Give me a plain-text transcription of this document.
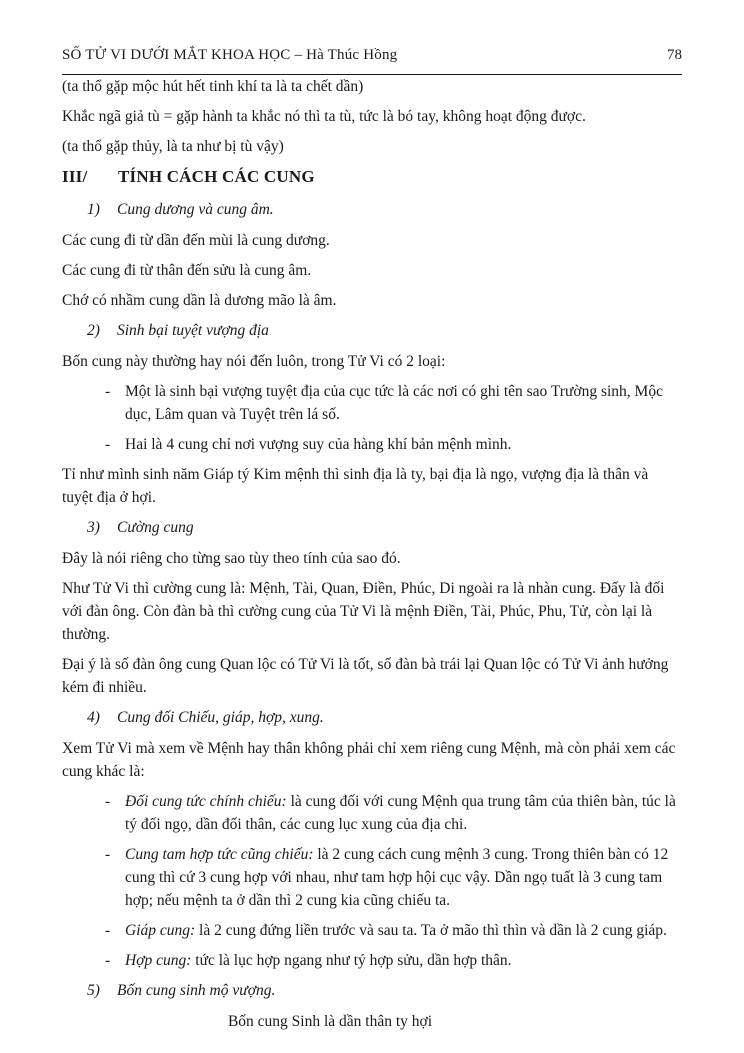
SỐ TỬ VI DƯỚI MẮT KHOA HỌC – Hà Thúc Hồng	78

(ta thổ gặp mộc hút hết tinh khí ta là ta chết dần)

Khắc ngã giả tù = gặp hành ta khắc nó thì ta tù, tức là bó tay, không hoạt động được.

(ta thổ gặp thủy, là ta như bị tù vậy)

III/	TÍNH CÁCH CÁC CUNG
1)	Cung dương và cung âm.

Các cung đi từ dần đến mùi là cung dương.

Các cung đi từ thân đến sửu là cung âm.

Chớ có nhầm cung dần là dương mão là âm.

2)	Sinh bại tuyệt vượng địa

Bốn cung này thường hay nói đến luôn, trong Tử Vi có 2 loại:

- Một là sinh bại vượng tuyệt địa của cục tức là các nơi có ghi tên sao Trường sinh, Mộc dục, Lâm quan và Tuyệt trên lá số.
- Hai là 4 cung chỉ nơi vượng suy của hàng khí bản mệnh mình.

Tỉ như mình sinh năm Giáp tý Kim mệnh thì sinh địa là ty, bại địa là ngọ, vượng địa là thân và tuyệt địa ở hợi.

3)	Cường cung

Đây là nói riêng cho từng sao tùy theo tính của sao đó.

Như Tử Vi thì cường cung là: Mệnh, Tài, Quan, Điền, Phúc, Di ngoài ra là nhàn cung. Đấy là đối với đàn ông. Còn đàn bà thì cường cung của Tử Vi là mệnh Điền, Tài, Phúc, Phu, Tử, còn lại là thường.

Đại ý là số đàn ông cung Quan lộc có Tử Vi là tốt, số đàn bà trái lại Quan lộc có Tử Vi ảnh hưởng kém đi nhiều.

4)	Cung đối Chiếu, giáp, hợp, xung.

Xem Tử Vi mà xem về Mệnh hay thân không phải chỉ xem riêng cung Mệnh, mà còn phải xem các cung khác là:

- Đối cung tức chính chiếu: là cung đối với cung Mệnh qua trung tâm của thiên bàn, túc là tý đối ngọ, dần đối thân, các cung lục xung của địa chi.
- Cung tam hợp tức cũng chiếu: là 2 cung cách cung mệnh 3 cung. Trong thiên bàn có 12 cung thì cứ 3 cung hợp với nhau, như tam hợp hội cục vậy. Dần ngọ tuất là 3 cung tam hợp; nếu mệnh ta ở dần thì 2 cung kia cũng chiếu ta.
- Giáp cung: là 2 cung đứng liền trước và sau ta. Ta ở mão thì thìn và dần là 2 cung giáp.
- Hợp cung: tức là lục hợp ngang như tý hợp sửu, dần hợp thân.
5)	Bốn cung sinh mộ vượng.

Bốn cung Sinh là dần thân ty hợi
